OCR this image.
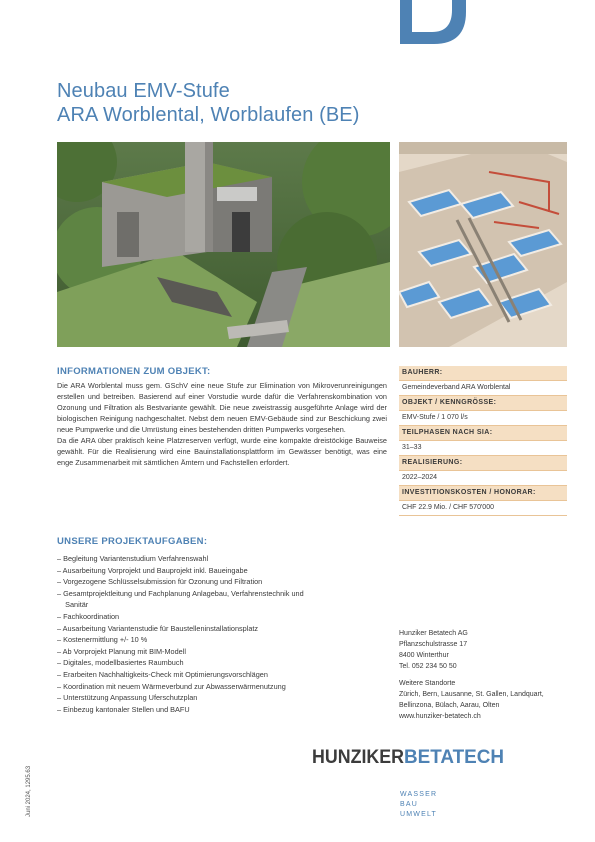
Neubau EMV-Stufe
ARA Worblental, Worblaufen (BE)
INFORMATIONEN ZUM OBJEKT:

Die ARA Worblental muss gem. GSchV eine neue Stufe zur Elimination von Mikroverunreinigungen erstellen und betreiben. Basierend auf einer Vorstudie wurde dafür die Verfahrenskombination von Ozonung und Filtration als Bestvariante gewählt. Die neue zweistrassig ausgeführte Anlage wird der biologischen Reinigung nachgeschaltet. Nebst dem neuen EMV-Gebäude sind zur Beschickung zwei neue Pumpwerke und die Umrüstung eines bestehenden dritten Pumpwerks vorgesehen.

Da die ARA über praktisch keine Platzreserven verfügt, wurde eine kompakte dreistöckige Bauweise gewählt. Für die Realisierung wird eine Bauinstallationsplattform im Gewässer benötigt, was eine enge Zusammenarbeit mit sämtlichen Ämtern und Fachstellen erfordert.

BAUHERR:
Gemeindeverband ARA Worblental
OBJEKT / KENNGRÖSSE:
EMV-Stufe / 1 070 l/s
TEILPHASEN NACH SIA:
31–33
REALISIERUNG:
2022–2024
INVESTITIONSKOSTEN / HONORAR:
CHF 22.9 Mio. / CHF 570'000
UNSERE PROJEKTAUFGABEN:
– Begleitung Variantenstudium Verfahrenswahl
– Ausarbeitung Vorprojekt und Bauprojekt inkl. Baueingabe
– Vorgezogene Schlüsselsubmission für Ozonung und Filtration
– Gesamtprojektleitung und Fachplanung Anlagebau, Verfahrenstechnik und
Sanitär
– Fachkoordination
– Ausarbeitung Variantenstudie für Baustelleninstallationsplatz
– Kostenermittlung +/- 10 %
– Ab Vorprojekt Planung mit BIM-Modell
– Digitales, modellbasiertes Raumbuch
– Erarbeiten Nachhaltigkeits-Check mit Optimierungsvorschlägen
– Koordination mit neuem Wärmeverbund zur Abwasserwärmenutzung
– Unterstützung Anpassung Uferschutzplan
– Einbezug kantonaler Stellen und BAFU
Hunziker Betatech AG
Pflanzschulstrasse 17
8400 Winterthur
Tel. 052 234 50 50
Weitere Standorte
Zürich, Bern, Lausanne, St. Gallen, Landquart,
Bellinzona, Bülach, Aarau, Olten
www.hunziker-betatech.ch
HUNZIKER BETATECH
WASSER
BAU
UMWELT
Juni 2024, 1295.63
